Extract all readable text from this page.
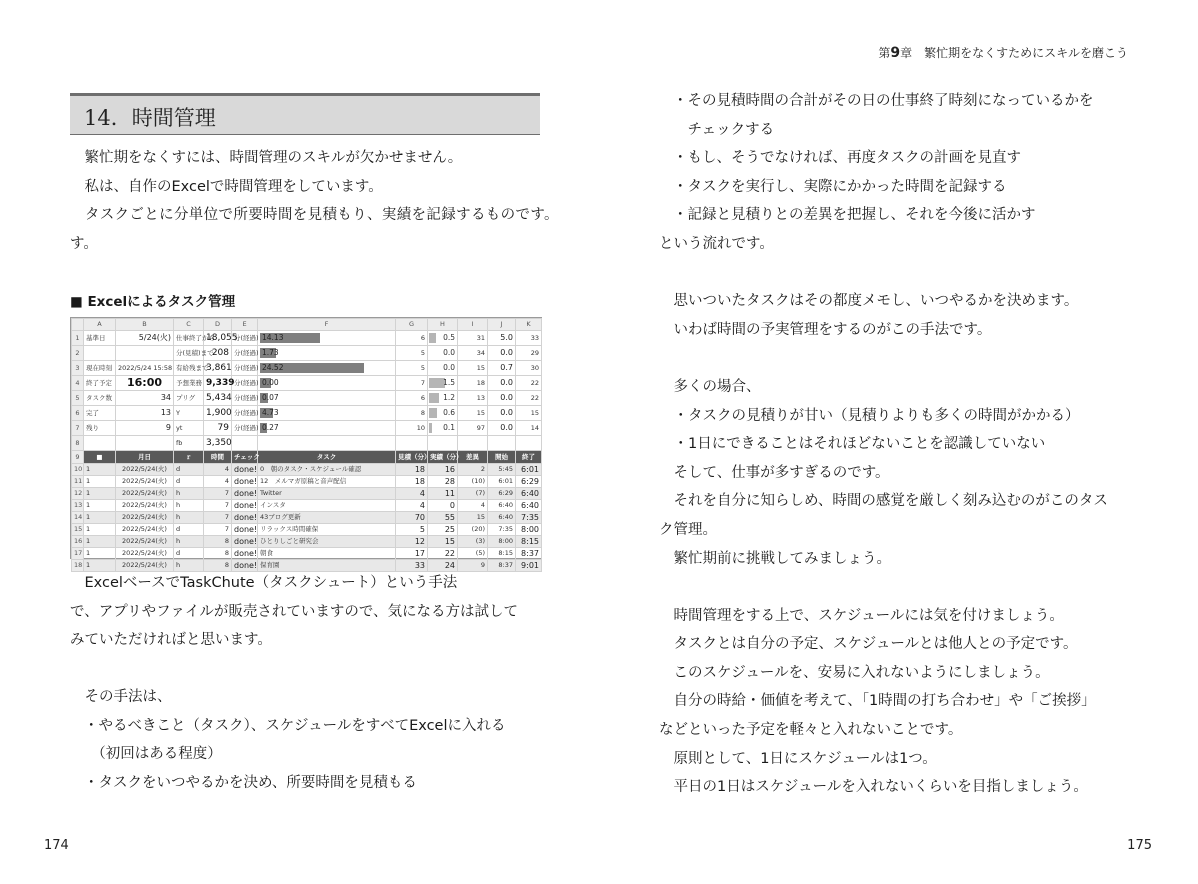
14．時間管理

　繁忙期をなくすには、時間管理のスキルが欠かせません。

　私は、自作のExcelで時間管理をしています。

　タスクごとに分単位で所要時間を見積もり、実績を記録するものです。

す。

■ Excelによるタスク管理
	A	B	C	D	E	F	G	H	I	J	K
1	基準日	5/24(火)	仕事終了から	18,055	分(経過)	14.13	6	0.5	31	5.0	33
2			分(見積)まで	208	分(経過)	1.73	5	0.0	34	0.0	29
3	現在時刻	2022/5/24 15:58	有給残まで	3,861	分(経過)	24.52	5	0.0	15	0.7	30
4	終了予定	16:00	予想業務	9,339	分(経過)	0.00	7	1.5	18	0.0	22
5	タスク数	34	プリグ	5,434	分(経過)	0.07	6	1.2	13	0.0	22
6	完了	13	Y	1,900	分(経過)	4.73	8	0.6	15	0.0	15
7	残り	9	yt	79	分(経過)	0.27	10	0.1	97	0.0	14
8			fb	3,350		

9	■	月日	ｒ	時間	チェック	タスク	見積（分）	実績（分）	差異	開始	終了
10	1	2022/5/24(火)	d	4	done!	0　朝のタスク・スケジュール確認	18	16	2	5:45	6:01
11	1	2022/5/24(火)	d	4	done!	12　メルマガ原稿と音声配信	18	28	(10)	6:01	6:29
12	1	2022/5/24(火)	h	7	done!	Twitter	4	11	(7)	6:29	6:40
13	1	2022/5/24(火)	h	7	done!	インスタ	4	0	4	6:40	6:40
14	1	2022/5/24(火)	h	7	done!	43ブログ更新	70	55	15	6:40	7:35
15	1	2022/5/24(火)	d	7	done!	リラックス時間確保	5	25	(20)	7:35	8:00
16	1	2022/5/24(火)	h	8	done!	ひとりしごと研究会	12	15	(3)	8:00	8:15
17	1	2022/5/24(火)	d	8	done!	朝食	17	22	(5)	8:15	8:37
18	1	2022/5/24(火)	h	8	done!	保育園	33	24	9	8:37	9:01

　ExcelベースでTaskChute（タスクシュート）という手法

で、アプリやファイルが販売されていますので、気になる方は試して

みていただければと思います。

　その手法は、

・やるべきこと（タスク）、スケジュールをすべてExcelに入れる

　（初回はある程度）

・タスクをいつやるかを決め、所要時間を見積もる

174
第9章　繁忙期をなくすためにスキルを磨こう

・その見積時間の合計がその日の仕事終了時刻になっているかを

　チェックする

・もし、そうでなければ、再度タスクの計画を見直す

・タスクを実行し、実際にかかった時間を記録する

・記録と見積りとの差異を把握し、それを今後に活かす

という流れです。

　思いついたタスクはその都度メモし、いつやるかを決めます。

　いわば時間の予実管理をするのがこの手法です。

　多くの場合、

　・タスクの見積りが甘い（見積りよりも多くの時間がかかる）

　・1日にできることはそれほどないことを認識していない

　そして、仕事が多すぎるのです。

　それを自分に知らしめ、時間の感覚を厳しく刻み込むのがこのタス

ク管理。

　繁忙期前に挑戦してみましょう。

　時間管理をする上で、スケジュールには気を付けましょう。

　タスクとは自分の予定、スケジュールとは他人との予定です。

　このスケジュールを、安易に入れないようにしましょう。

　自分の時給・価値を考えて、「1時間の打ち合わせ」や「ご挨拶」

などといった予定を軽々と入れないことです。

　原則として、1日にスケジュールは1つ。

　平日の1日はスケジュールを入れないくらいを目指しましょう。

175
